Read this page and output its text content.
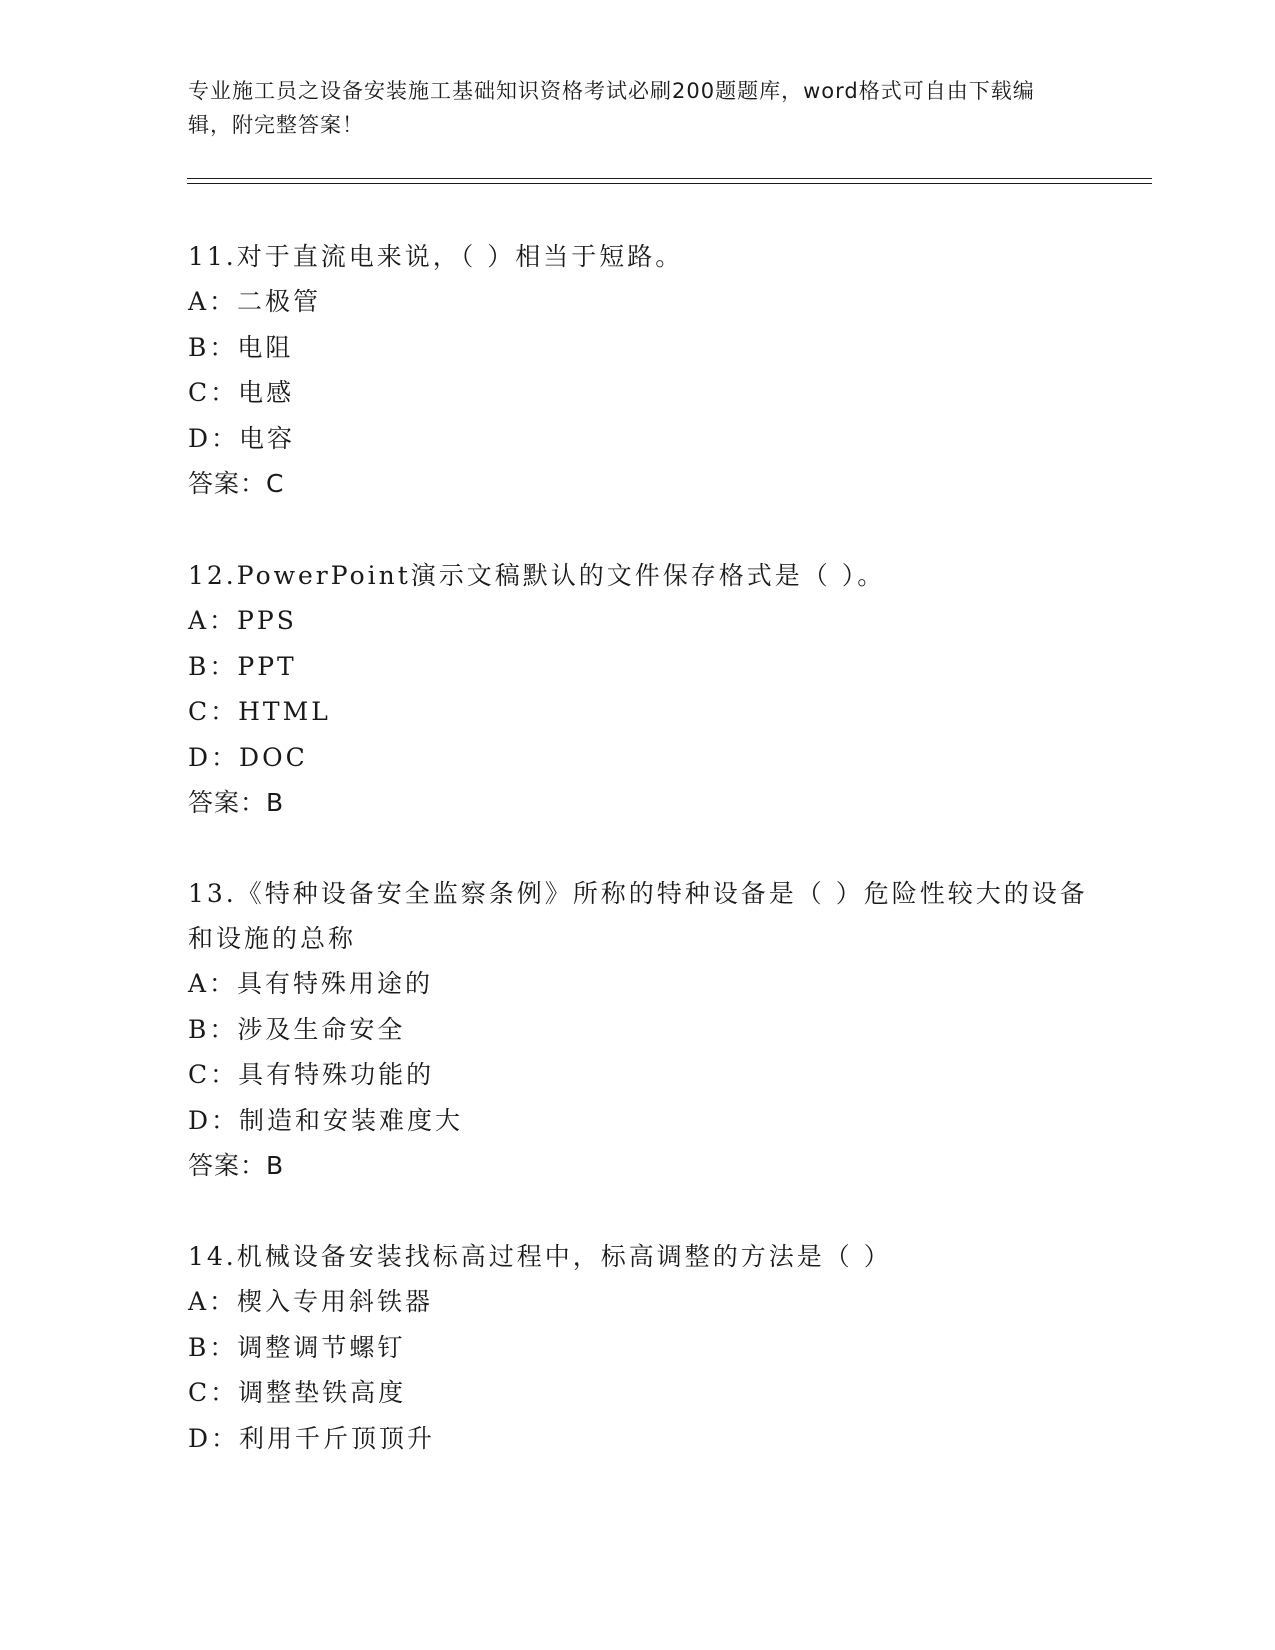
专业施工员之设备安装施工基础知识资格考试必刷200题题库，word格式可自由下载编辑，附完整答案！

11.对于直流电来说，（ ）相当于短路。

A：二极管

B：电阻

C：电感

D：电容

答案：C

12.PowerPoint演示文稿默认的文件保存格式是（ ）。

A：PPS

B：PPT

C：HTML

D：DOC

答案：B

13.《特种设备安全监察条例》所称的特种设备是（ ）危险性较大的设备和设施的总称

A：具有特殊用途的

B：涉及生命安全

C：具有特殊功能的

D：制造和安装难度大

答案：B

14.机械设备安装找标高过程中，标高调整的方法是（ ）

A：楔入专用斜铁器

B：调整调节螺钉

C：调整垫铁高度

D：利用千斤顶顶升
